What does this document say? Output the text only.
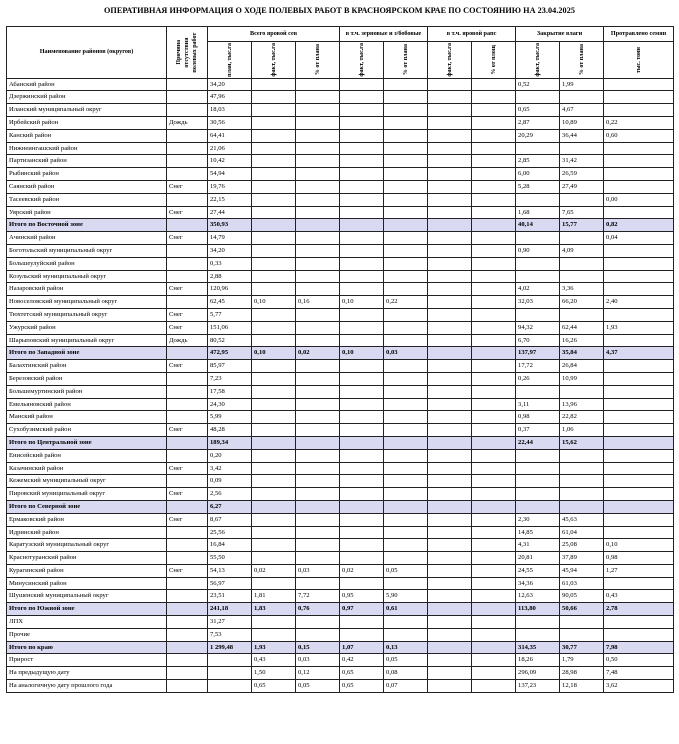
ОПЕРАТИВНАЯ ИНФОРМАЦИЯ О ХОДЕ ПОЛЕВЫХ РАБОТ В КРАСНОЯРСКОМ КРАЕ ПО СОСТОЯНИЮ НА 23.04.2025
Наименование районов (округов)	Причина отсутствия полевых работ	Всего яровой сев			в т.ч. зерновые и з/бобовые		в т.ч. яровой рапс		Закрытие влаги		Протравлено семян

		план, тыс.га	факт, тыс.га	% от плана	факт, тыс.га	% от плана	факт, тыс.га	% от площ	факт, тыс.га	% от плана	тыс. тонн

Абанский район		34,20							0,52	1,99	
Дзержинский район		47,96									
Иланский муниципальный округ		18,03							0,65	4,67	
Ирбейский район	Дождь	30,56							2,87	10,89	0,22
Канский район		64,41							20,29	36,44	0,60
Нижнеингашский район		21,06									
Партизанский район		10,42							2,85	31,42	
Рыбинский район		54,94							6,00	26,59	
Саянский район	Снег	19,76							5,28	27,49	
Тасеевский район		22,15									0,00
Уярский район	Снег	27,44							1,68	7,65	
Итого по Восточной зоне		350,93							40,14	15,77	0,82
Ачинский район	Снег	14,79									0,04
Боготольский муниципальный округ		34,20							0,90	4,09	
Большеулуйский район		0,33									
Козульский муниципальный округ		2,88									
Назаровский район	Снег	120,96							4,02	3,36	
Новоселовский муниципальный округ		62,45	0,10	0,16	0,10	0,22			32,03	66,20	2,40
Тюхтетский муниципальный округ	Снег	5,77									
Ужурский район	Снег	151,06							94,32	62,44	1,93
Шарыповский муниципальный округ	Дождь	80,52							6,70	16,26	
Итого по Западной зоне		472,95	0,10	0,02	0,10	0,03			137,97	35,84	4,37
Балахтинский район	Снег	85,97							17,72	26,84	
Березовский район		7,23							0,26	10,99	
Большемуртинский район		17,58									
Емельяновский район		24,30							3,11	13,96	
Манский район		5,99							0,98	22,82	
Сухобузимский район	Снег	48,28							0,37	1,06	
Итого по Центральной зоне		189,34							22,44	15,62	
Енисейский район		0,20									
Казачинский район	Снег	3,42									
Кежемский муниципальный округ		0,09									
Пировский муниципальный округ	Снег	2,56									
Итого по Северной зоне		6,27									
Ермаковский район	Снег	8,67							2,30	45,63	
Идринский район		25,56							14,85	61,04	
Каратузский муниципальный округ		16,84							4,31	25,08	0,10
Краснотуранский район		55,50							20,81	37,89	0,98
Курагинский район	Снег	54,13	0,02	0,03	0,02	0,05			24,55	45,94	1,27
Минусинский район		56,97							34,36	61,03	
Шушенский муниципальный округ		23,51	1,81	7,72	0,95	5,90			12,63	90,05	0,43
Итого по Южной зоне		241,18	1,83	0,76	0,97	0,61			113,80	50,66	2,78
ЛПХ		31,27									
Прочие		7,53									
Итого по краю		1 299,48	1,93	0,15	1,07	0,13			314,35	30,77	7,98
Прирост			0,43	0,03	0,42	0,05			18,26	1,79	0,50
На предыдущую дату			1,50	0,12	0,65	0,08			296,09	28,98	7,48
На аналогичную дату прошлого года			0,65	0,05	0,65	0,07			137,23	12,18	3,62
